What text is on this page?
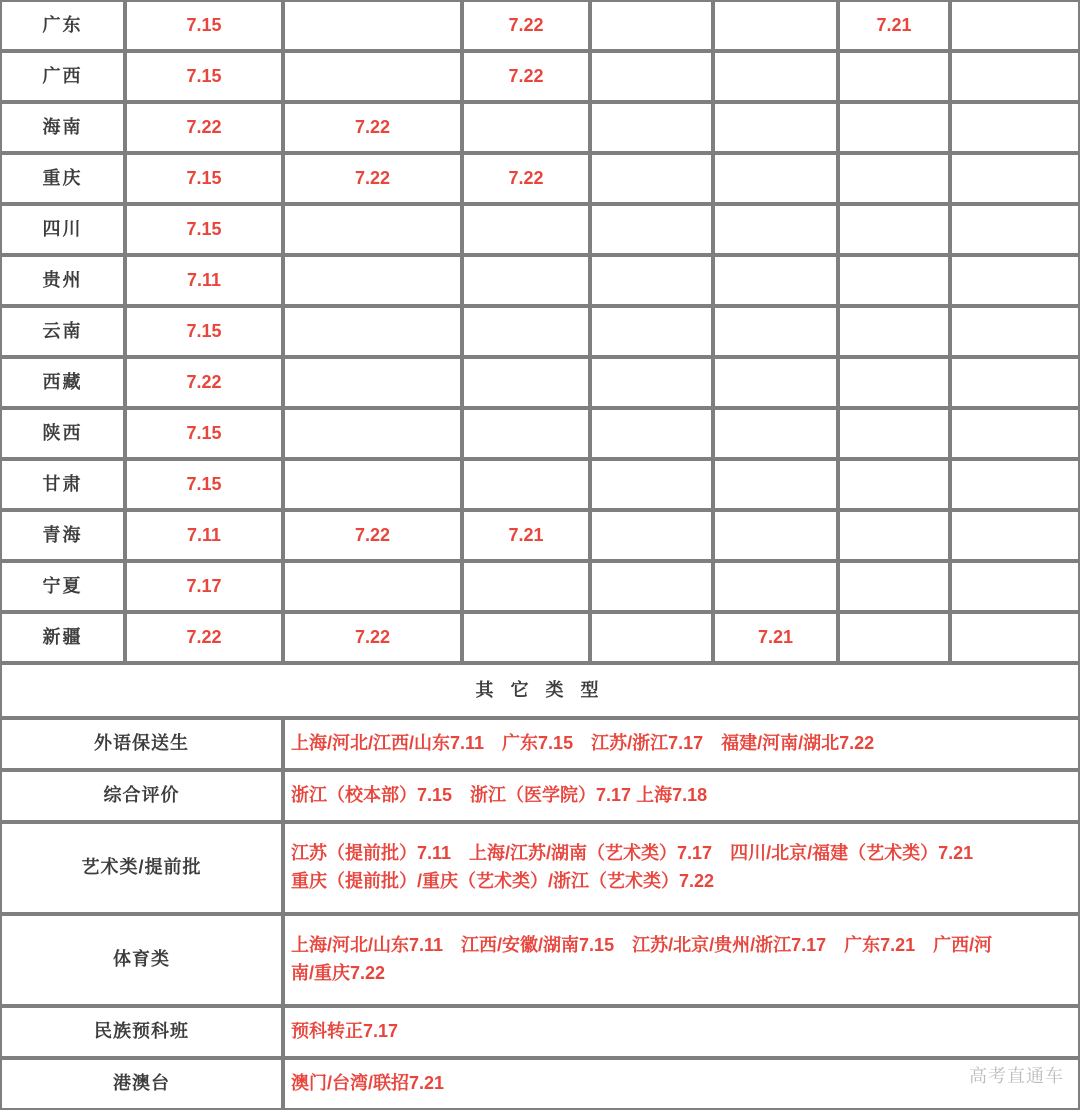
广东	7.15		7.22			7.21	
广西	7.15		7.22				
海南	7.22	7.22					
重庆	7.15	7.22	7.22				
四川	7.15						
贵州	7.11						
云南	7.15						
西藏	7.22						
陕西	7.15						
甘肃	7.15						
青海	7.11	7.22	7.21				
宁夏	7.17						
新疆	7.22	7.22			7.21		
其 它 类 型							
外语保送生		上海/河北/江西/山东7.11　广东7.15　江苏/浙江7.17　福建/河南/湖北7.22					

综合评价		浙江（校本部）7.15　浙江（医学院）7.17 上海7.18					

艺术类/提前批		江苏（提前批）7.11　上海/江苏/湖南（艺术类）7.17　四川/北京/福建（艺术类）7.21
重庆（提前批）/重庆（艺术类）/浙江（艺术类）7.22					

体育类		上海/河北/山东7.11　江西/安徽/湖南7.15　江苏/北京/贵州/浙江7.17　广东7.21　广西/河
南/重庆7.22					

民族预科班		预科转正7.17					

港澳台		澳门/台湾/联招7.21						高考直通车
